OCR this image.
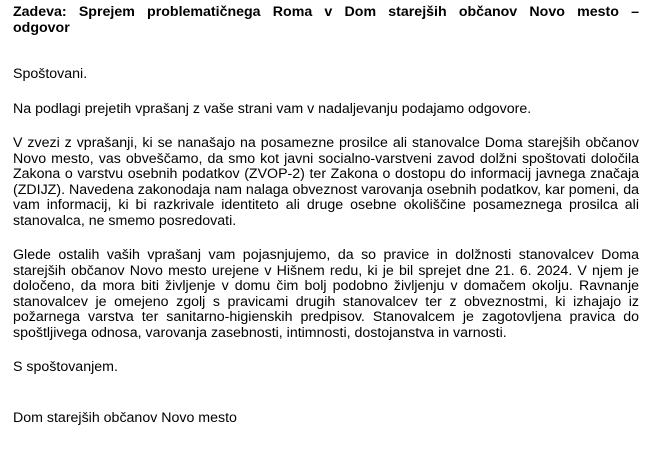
Zadeva: Sprejem problematičnega Roma v Dom starejših občanov Novo mesto –
odgovor

Spoštovani.

Na podlagi prejetih vprašanj z vaše strani vam v nadaljevanju podajamo odgovore.

V zvezi z vprašanji, ki se nanašajo na posamezne prosilce ali stanovalce Doma starejših občanov Novo mesto, vas obveščamo, da smo kot javni socialno-varstveni zavod dolžni spoštovati določila Zakona o varstvu osebnih podatkov (ZVOP-2) ter Zakona o dostopu do informacij javnega značaja (ZDIJZ). Navedena zakonodaja nam nalaga obveznost varovanja osebnih podatkov, kar pomeni, da vam informacij, ki bi razkrivale identiteto ali druge osebne okoliščine posameznega prosilca ali stanovalca, ne smemo posredovati.

Glede ostalih vaših vprašanj vam pojasnjujemo, da so pravice in dolžnosti stanovalcev Doma starejših občanov Novo mesto urejene v Hišnem redu, ki je bil sprejet dne 21. 6. 2024. V njem je določeno, da mora biti življenje v domu čim bolj podobno življenju v domačem okolju. Ravnanje stanovalcev je omejeno zgolj s pravicami drugih stanovalcev ter z obveznostmi, ki izhajajo iz požarnega varstva ter sanitarno-higienskih predpisov. Stanovalcem je zagotovljena pravica do spoštljivega odnosa, varovanja zasebnosti, intimnosti, dostojanstva in varnosti.

S spoštovanjem.

Dom starejših občanov Novo mesto
